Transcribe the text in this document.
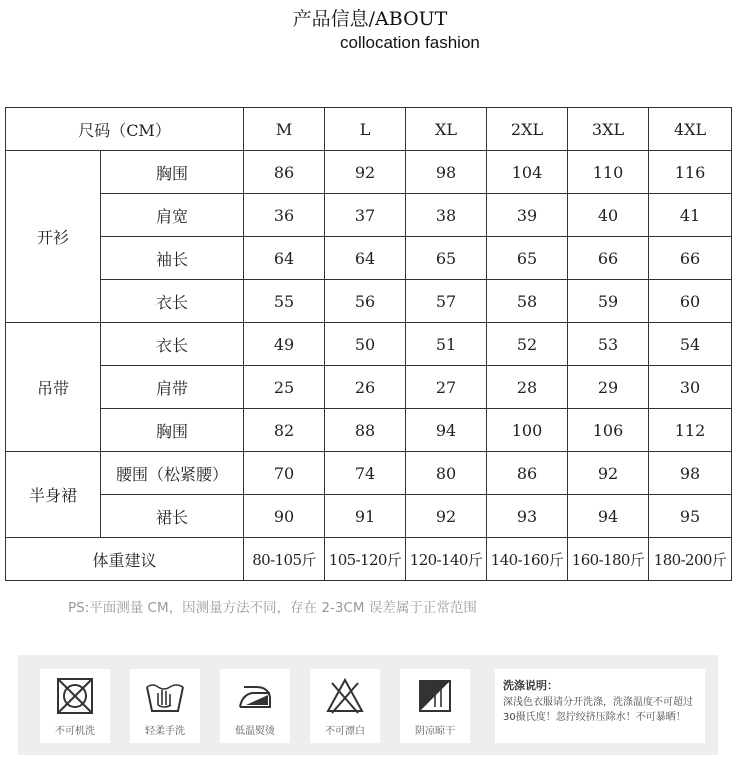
产品信息/ABOUT
collocation fashion
尺码（CM）		M	L	XL	2XL	3XL	4XL
开衫	胸围	86	92	98	104	110	116
	肩宽	36	37	38	39	40	41
	袖长	64	64	65	65	66	66
	衣长	55	56	57	58	59	60
吊带	衣长	49	50	51	52	53	54
	肩带	25	26	27	28	29	30
	胸围	82	88	94	100	106	112
半身裙	腰围（松紧腰）	70	74	80	86	92	98
	裙长	90	91	92	93	94	95
体重建议		80-105斤	105-120斤	120-140斤	140-160斤	160-180斤	180-200斤
PS:平面测量 CM，因测量方法不同，存在 2-3CM 误差属于正常范围
不可机洗	轻柔手洗	低温熨烫	不可漂白	阴凉晾干
洗涤说明：
深浅色衣服请分开洗涤，洗涤温度不可超过30摄氏度！忽拧绞挤压除水！不可暴晒！
